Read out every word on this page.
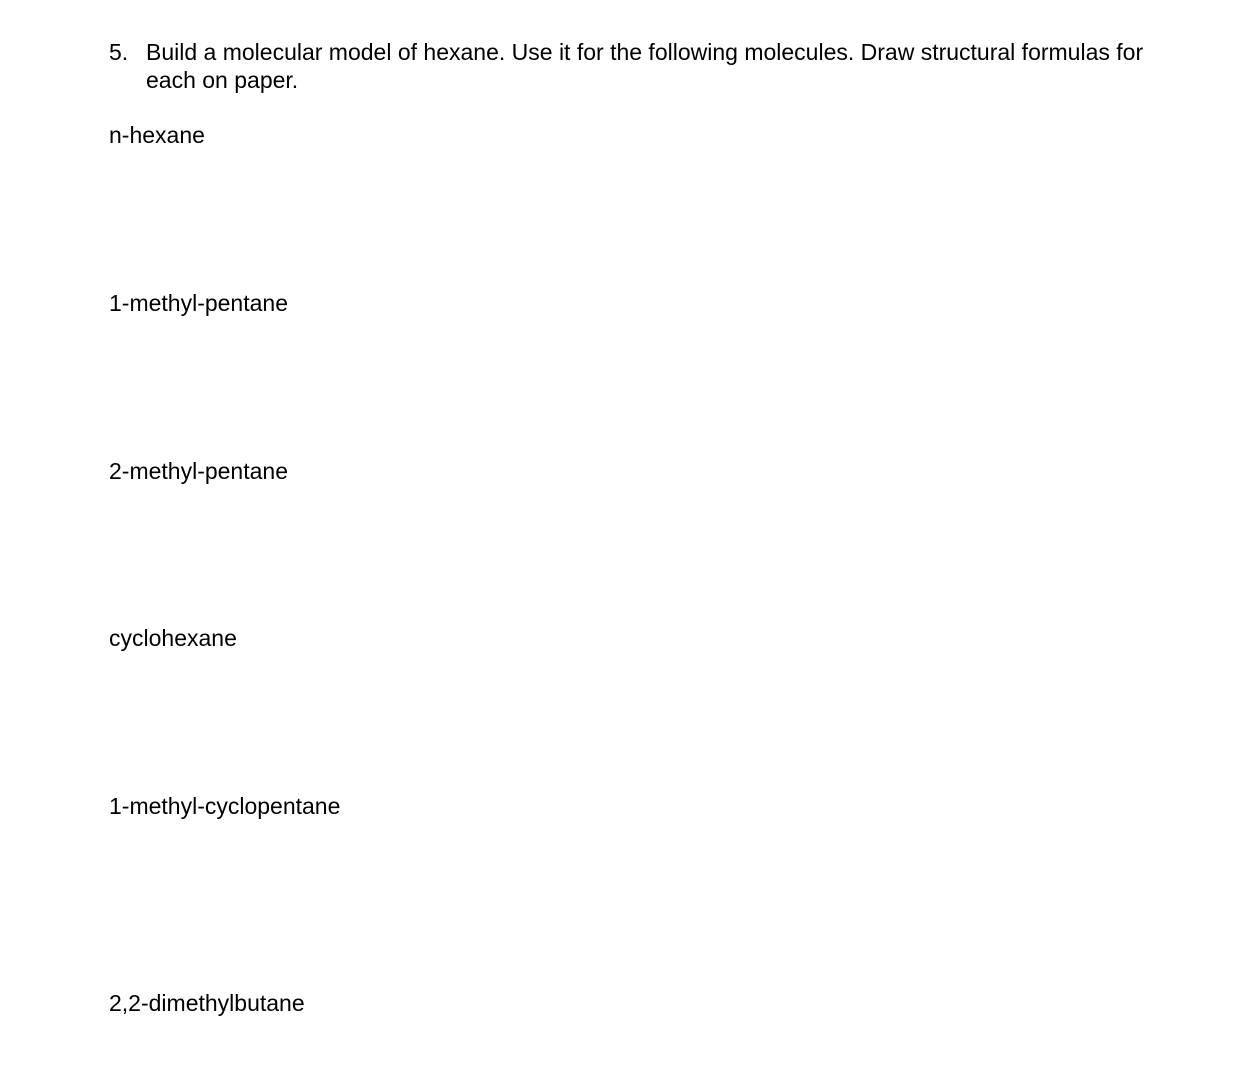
5. Build a molecular model of hexane. Use it for the following molecules. Draw structural formulas for each on paper.
n-hexane
1-methyl-pentane
2-methyl-pentane
cyclohexane
1-methyl-cyclopentane
2,2-dimethylbutane
